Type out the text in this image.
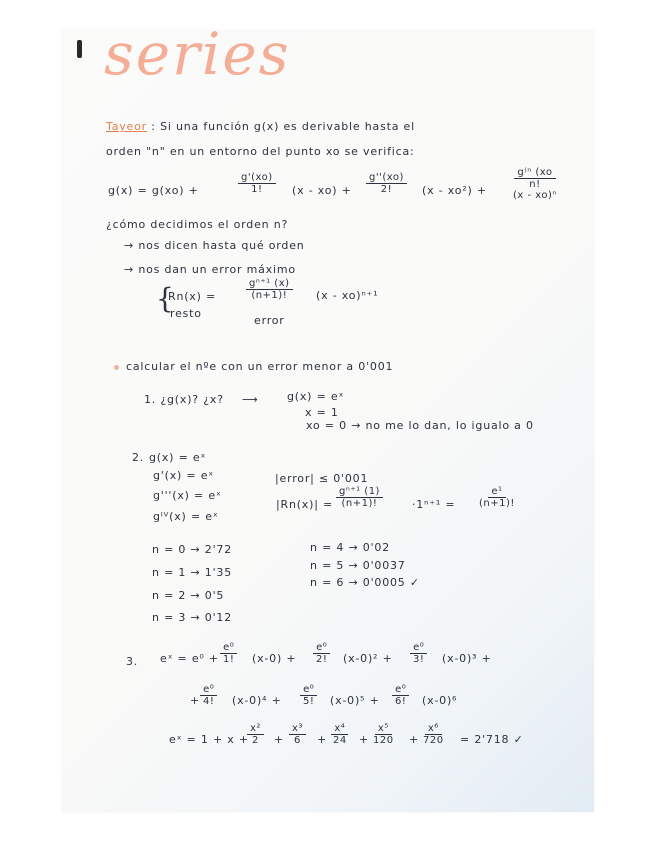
series
Tayeor : Si una función g(x) es derivable hasta el
orden "n" en un entorno del punto xo se verifica:
g(x) = g(xo) +	$\frac{g'(xo)}{1!} (x - xo) + \frac{g''(xo)}{2!} (x - xo^2)$ +
g⁽ⁿ (xo
n!
(x - xo)ⁿ
¿cómo decidimos el orden n?
→ nos dicen hasta qué orden
→ nos dan un error máximo
{
Rn(x) =
resto
$\frac{\text{gⁿ⁺¹ (x)}}{(n+1)!} (x - xo)^{n+1}$
error
calcular el nºe con un error menor a 0'001
1. ¿g(x)? ¿x? ⟶	g(x) = eˣ
x = 1
xo = 0 → no me lo dan, lo igualo a 0
2. g(x) = eˣ
g'(x) = eˣ
g'''(x) = eˣ
gᴵⱽ(x) = eˣ
|error| ≤ 0'001
$|Rn(x)| = \frac{\text{gⁿ⁺¹ (1)}}{(n+1)!}$	$\cdot 1^{n+1} = \frac{\text{e¹}}{(n+1)!}$
n = 0 → 2'72
n = 1 → 1'35
n = 2 → 0'5
n = 3 → 0'12
n = 4 → 0'02
n = 5 → 0'0037
n = 6 → 0'0005 ✓
3. eˣ = $e^0 + \frac{\text{e⁰}}{1!} (x-0) + \frac{\text{e⁰}}{2!} (x-0)^2 + \frac{\text{e⁰}}{3!} (x-0)^3$ +
+ $\frac{\text{e⁰}}{4!} (x-0)^4 + \frac{\text{e⁰}}{5!} (x-0)^5 + \frac{\text{e⁰}}{6!} (x-0)^6$
eˣ = 1 + x +
$\frac{\text{x²}}{2} + \frac{\text{x³}}{6} + \frac{\text{x⁴}}{24} + \frac{\text{x⁵}}{120} + \frac{\text{x⁶}}{720} = 2'718$ ✓
